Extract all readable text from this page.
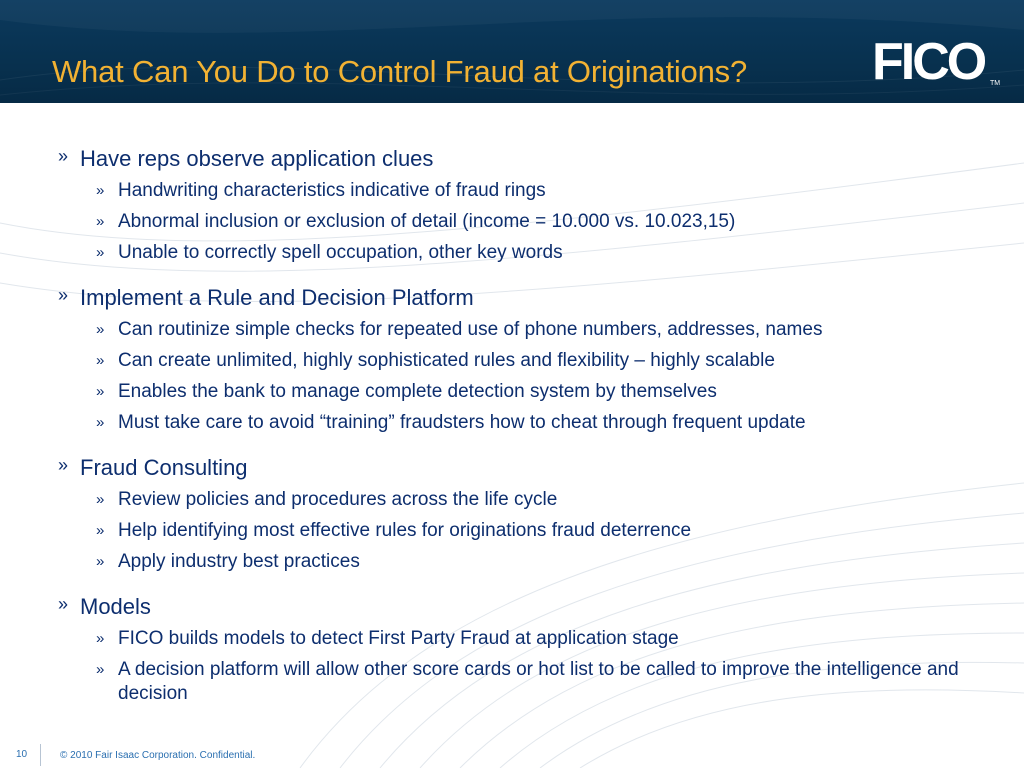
What Can You Do to Control Fraud at Originations? FICO TM
» Have reps observe application clues
» Handwriting characteristics indicative of fraud rings
» Abnormal inclusion or exclusion of detail (income = 10.000 vs. 10.023,15)
» Unable to correctly spell occupation, other key words
» Implement a Rule and Decision Platform
» Can routinize simple checks for repeated use of phone numbers, addresses, names
» Can create unlimited, highly sophisticated rules and flexibility – highly scalable
» Enables the bank to manage complete detection system by themselves
» Must take care to avoid “training” fraudsters how to cheat through frequent update
» Fraud Consulting
» Review policies and procedures across the life cycle
» Help identifying most effective rules for originations fraud deterrence
» Apply industry best practices
» Models
» FICO builds models to detect First Party Fraud at application stage
» A decision platform will allow other score cards or hot list to be called to improve the intelligence and decision
10	© 2010 Fair Isaac Corporation. Confidential.
